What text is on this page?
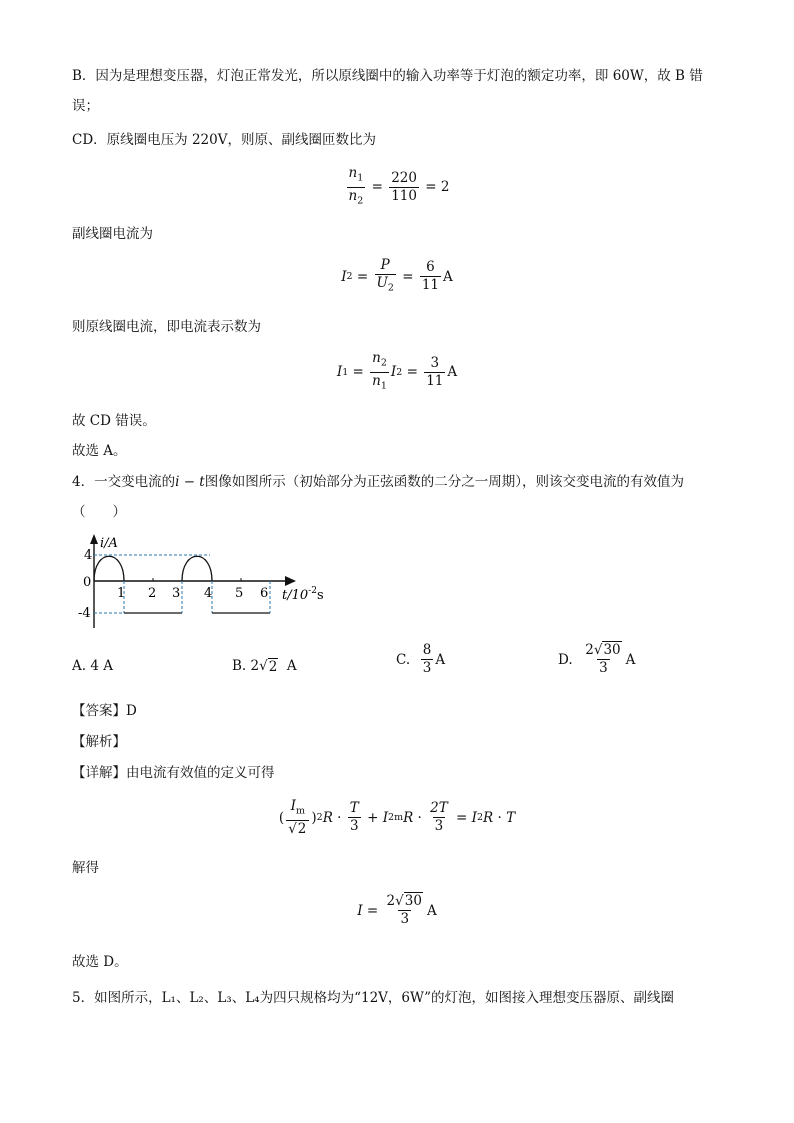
B．因为是理想变压器，灯泡正常发光，所以原线圈中的输入功率等于灯泡的额定功率，即 60W，故 B 错
误；
CD．原线圈电压为 220V，则原、副线圈匝数比为
$\frac{n_1}{n_2} = \frac{220}{110}$
= 2
副线圈电流为
I $2 = \frac{P}{U_2} = \frac{6}{11}$ A
则原线圈电流，即电流表示数为
I $1 = \frac{n_2}{n_1}$ I $2 = \frac{3}{11}$ A
故 CD 错误。
故选 A。
4．一交变电流的i − t图像如图所示（初始部分为正弦函数的二分之一周期），则该交变电流的有效值为
（　　）
i/A
4
0
-4
1 2 3 4 5 6 $t/10^{-2}s$
A. 4 A	B. 2 √ 2
A	C.
$\frac{8}{3}$ A	D.
$\frac{2√30}{3}$ A
【答案】D
【解析】
【详解】由电流有效值的定义可得
( $\frac{I_m}{√2}$ ) 2 $R \cdot \frac{T}{3} + I$ 2 m $R \cdot \frac{2T}{3} = I$ 2 R · T
解得
$I = \frac{2√30}{3}$ A
故选 D。
5．如图所示，L₁、L₂、L₃、L₄为四只规格均为“12V，6W”的灯泡，如图接入理想变压器原、副线圈
